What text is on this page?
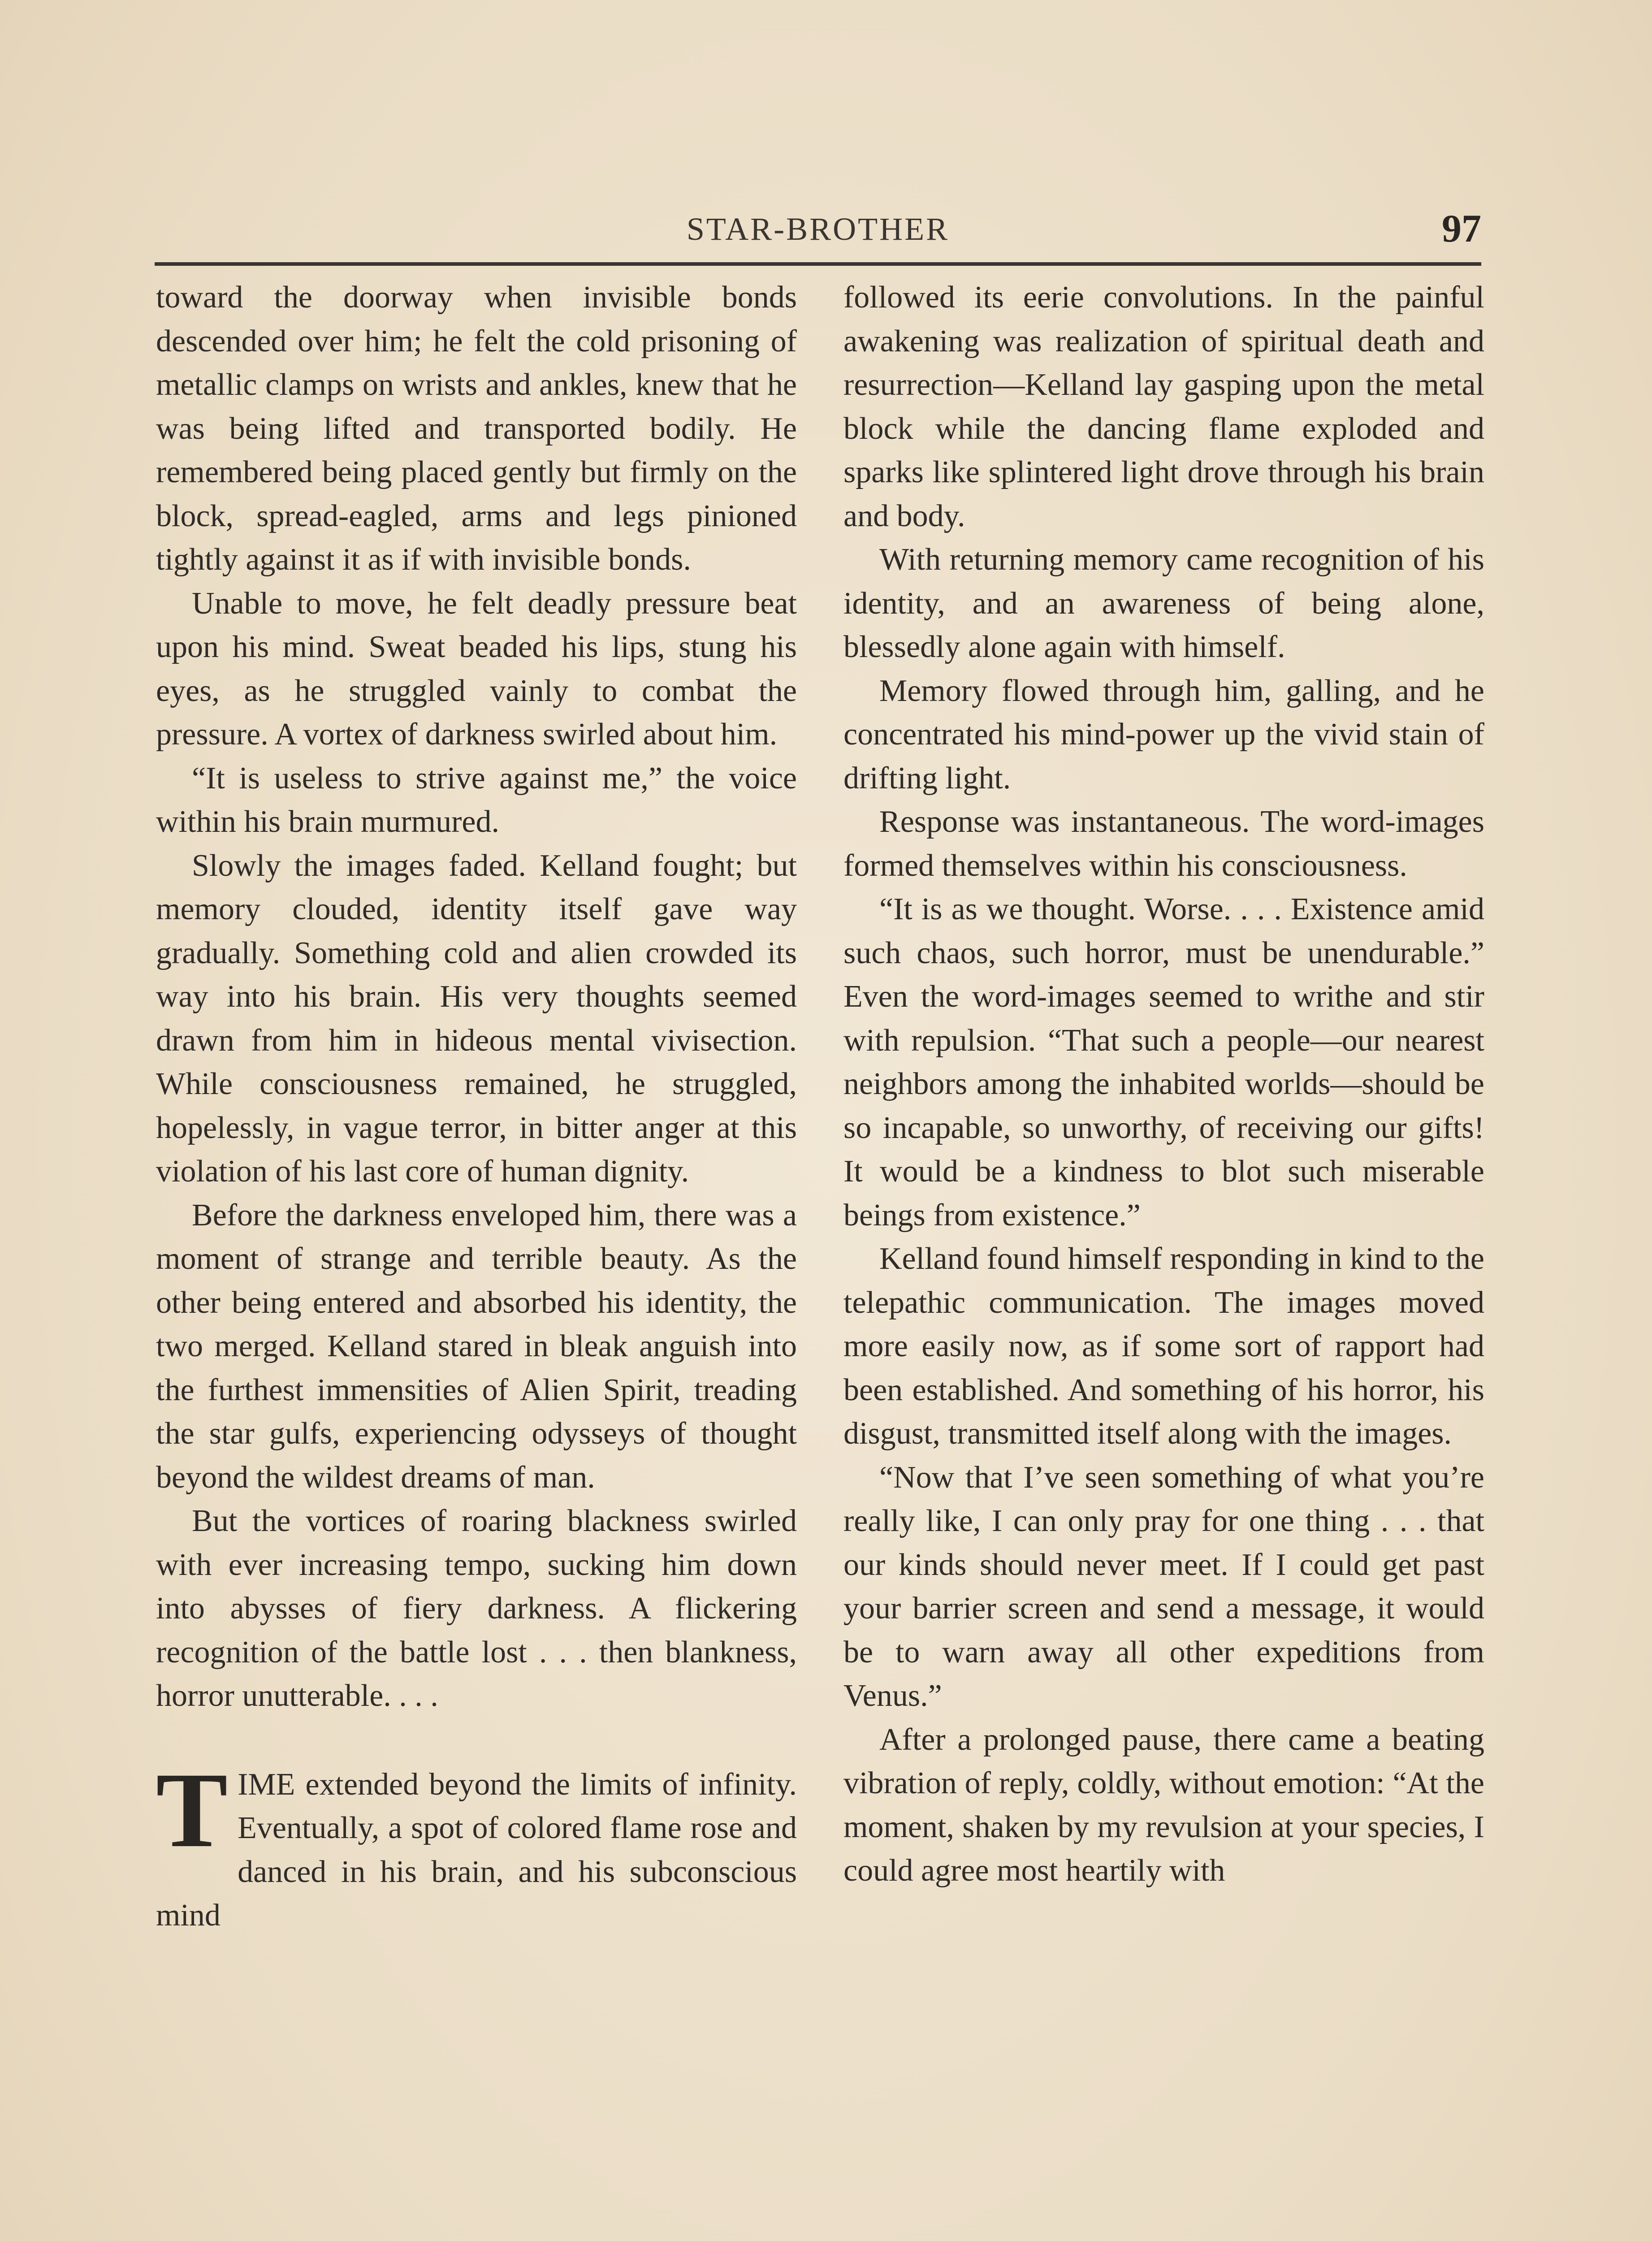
STAR-BROTHER	97

toward the doorway when invisible bonds descended over him; he felt the cold prisoning of metallic clamps on wrists and ankles, knew that he was being lifted and transported bodily. He remembered being placed gently but firmly on the block, spread-eagled, arms and legs pinioned tightly against it as if with invisible bonds.

Unable to move, he felt deadly pressure beat upon his mind. Sweat beaded his lips, stung his eyes, as he struggled vainly to combat the pressure. A vortex of darkness swirled about him.

“It is useless to strive against me,” the voice within his brain murmured.

Slowly the images faded. Kelland fought; but memory clouded, identity itself gave way gradually. Something cold and alien crowded its way into his brain. His very thoughts seemed drawn from him in hideous mental vivisection. While consciousness remained, he struggled, hopelessly, in vague terror, in bitter anger at this violation of his last core of human dignity.

Before the darkness enveloped him, there was a moment of strange and terrible beauty. As the other being entered and absorbed his identity, the two merged. Kelland stared in bleak anguish into the furthest immensities of Alien Spirit, treading the star gulfs, experiencing odysseys of thought beyond the wildest dreams of man.

But the vortices of roaring blackness swirled with ever increasing tempo, sucking him down into abysses of fiery darkness. A flickering recognition of the battle lost . . . then blankness, horror unutterable. . . .

T IME extended beyond the limits of infinity. Eventually, a spot of colored flame rose and danced in his brain, and his subconscious mind

followed its eerie convolutions. In the painful awakening was realization of spiritual death and resurrection—Kelland lay gasping upon the metal block while the dancing flame exploded and sparks like splintered light drove through his brain and body.

With returning memory came recognition of his identity, and an awareness of being alone, blessedly alone again with himself.

Memory flowed through him, galling, and he concentrated his mind-power up the vivid stain of drifting light.

Response was instantaneous. The word-images formed themselves within his consciousness.

“It is as we thought. Worse. . . . Existence amid such chaos, such horror, must be unendurable.” Even the word-images seemed to writhe and stir with repulsion. “That such a people—our nearest neighbors among the inhabited worlds—should be so incapable, so unworthy, of receiving our gifts! It would be a kindness to blot such miserable beings from existence.”

Kelland found himself responding in kind to the telepathic communication. The images moved more easily now, as if some sort of rapport had been established. And something of his horror, his disgust, transmitted itself along with the images.

“Now that I’ve seen something of what you’re really like, I can only pray for one thing . . . that our kinds should never meet. If I could get past your barrier screen and send a message, it would be to warn away all other expeditions from Venus.”

After a prolonged pause, there came a beating vibration of reply, coldly, without emotion: “At the moment, shaken by my revulsion at your species, I could agree most heartily with
